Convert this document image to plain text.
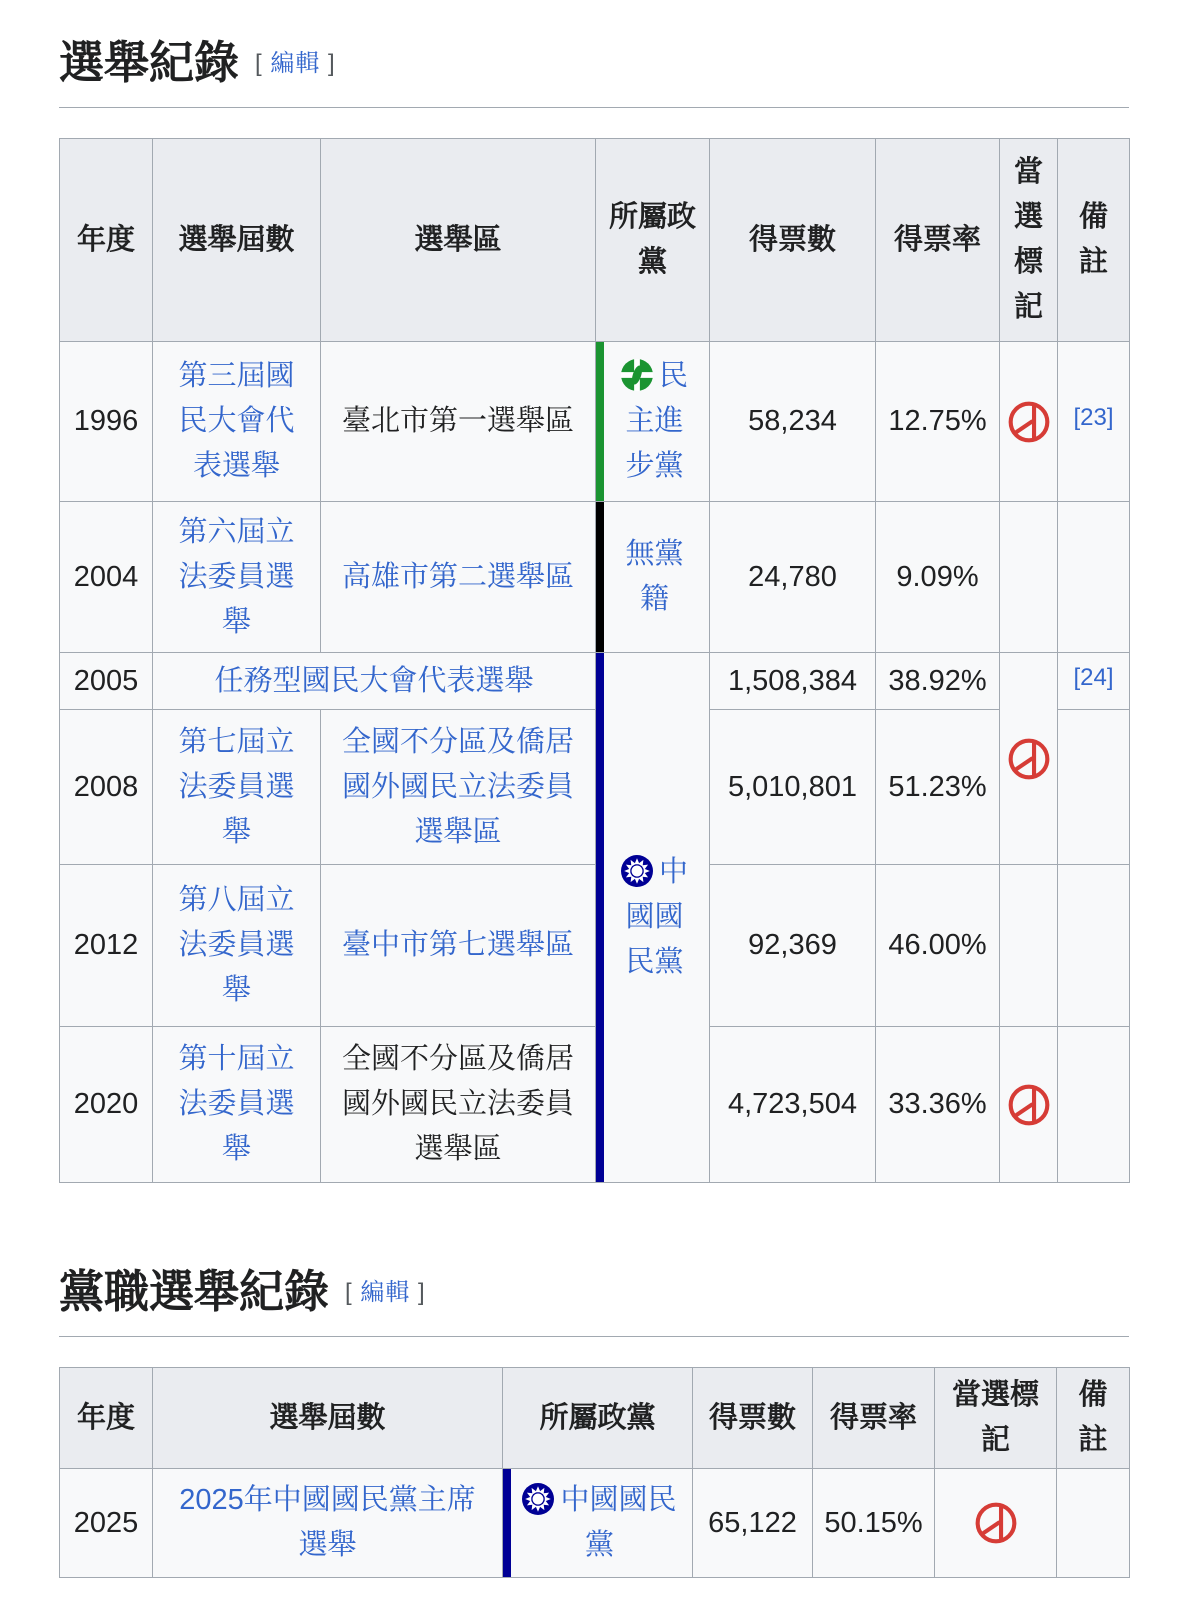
選舉紀錄 [ 編輯 ]
年度	選舉屆數	選舉區	所屬政黨	得票數	得票率	當選標記	備註
1996	第三屆國民大會代表選舉	臺北市第一選舉區	民主進步黨	58,234	12.75%		[23]
2004	第六屆立法委員選舉	高雄市第二選舉區	無黨籍	24,780	9.09%		
2005	任務型國民大會代表選舉		中國國民黨	1,508,384	38.92%		[24]
2008	第七屆立法委員選舉	全國不分區及僑居國外國民立法委員選舉區		5,010,801	51.23%		
2012	第八屆立法委員選舉	臺中市第七選舉區		92,369	46.00%		
2020	第十屆立法委員選舉	全國不分區及僑居國外國民立法委員選舉區		4,723,504	33.36%	

黨職選舉紀錄 [ 編輯 ]
年度	選舉屆數	所屬政黨	得票數	得票率	當選標記	備註
2025	2025年中國國民黨主席選舉	中國國民黨	65,122	50.15%	
